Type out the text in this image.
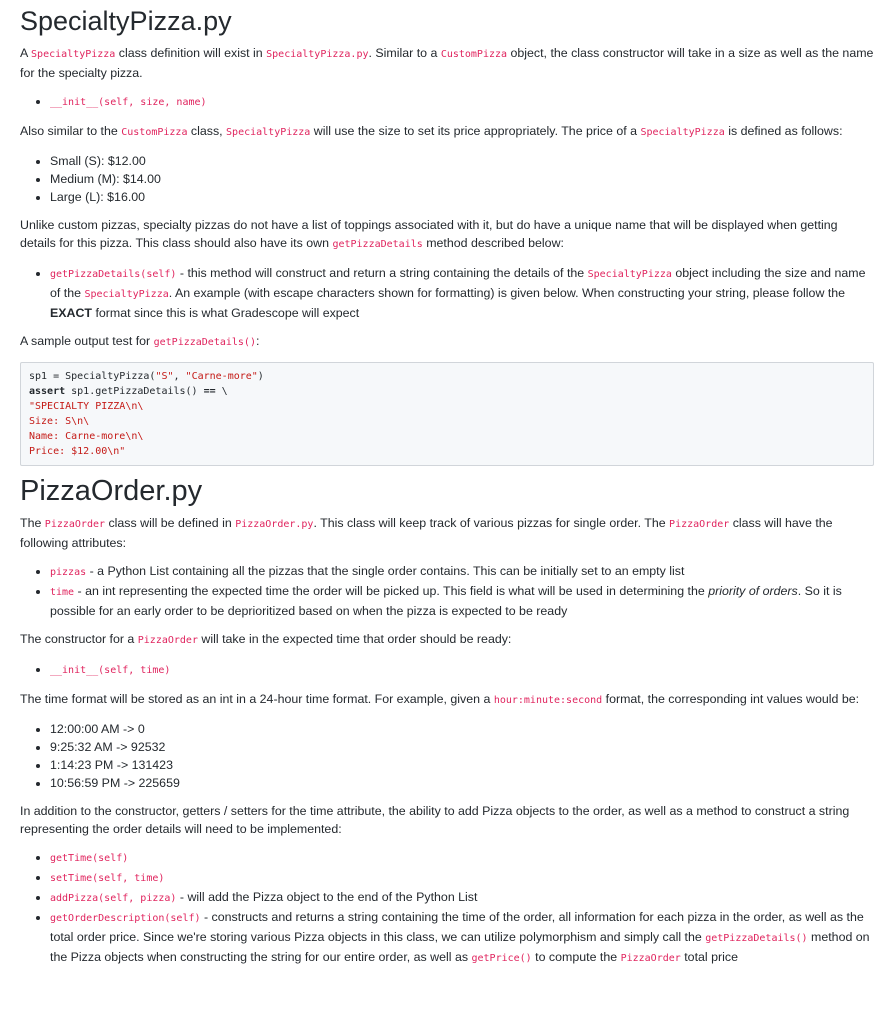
SpecialtyPizza.py

A SpecialtyPizza class definition will exist in SpecialtyPizza.py. Similar to a CustomPizza object, the class constructor will take in a size as well as the name for the specialty pizza.

• __init__(self, size, name)

Also similar to the CustomPizza class, SpecialtyPizza will use the size to set its price appropriately. The price of a SpecialtyPizza is defined as follows:

• Small (S): $12.00
• Medium (M): $14.00
• Large (L): $16.00

Unlike custom pizzas, specialty pizzas do not have a list of toppings associated with it, but do have a unique name that will be displayed when getting details for this pizza. This class should also have its own getPizzaDetails method described below:

• getPizzaDetails(self) - this method will construct and return a string containing the details of the SpecialtyPizza object including the size and name of the SpecialtyPizza. An example (with escape characters shown for formatting) is given below. When constructing your string, please follow the EXACT format since this is what Gradescope will expect

A sample output test for getPizzaDetails():

sp1 = SpecialtyPizza("S", "Carne-more")
assert sp1.getPizzaDetails() == \
"SPECIALTY PIZZA\n\
Size: S\n\
Name: Carne-more\n\
Price: $12.00\n"
PizzaOrder.py

The PizzaOrder class will be defined in PizzaOrder.py. This class will keep track of various pizzas for single order. The PizzaOrder class will have the following attributes:

• pizzas - a Python List containing all the pizzas that the single order contains. This can be initially set to an empty list
• time - an int representing the expected time the order will be picked up. This field is what will be used in determining the priority of orders. So it is possible for an early order to be deprioritized based on when the pizza is expected to be ready

The constructor for a PizzaOrder will take in the expected time that order should be ready:

• __init__(self, time)

The time format will be stored as an int in a 24-hour time format. For example, given a hour:minute:second format, the corresponding int values would be:

• 12:00:00 AM -> 0
• 9:25:32 AM -> 92532
• 1:14:23 PM -> 131423
• 10:56:59 PM -> 225659

In addition to the constructor, getters / setters for the time attribute, the ability to add Pizza objects to the order, as well as a method to construct a string representing the order details will need to be implemented:

• getTime(self)
• setTime(self, time)
• addPizza(self, pizza) - will add the Pizza object to the end of the Python List
• getOrderDescription(self) - constructs and returns a string containing the time of the order, all information for each pizza in the order, as well as the total order price. Since we're storing various Pizza objects in this class, we can utilize polymorphism and simply call the getPizzaDetails() method on the Pizza objects when constructing the string for our entire order, as well as getPrice() to compute the PizzaOrder total price
